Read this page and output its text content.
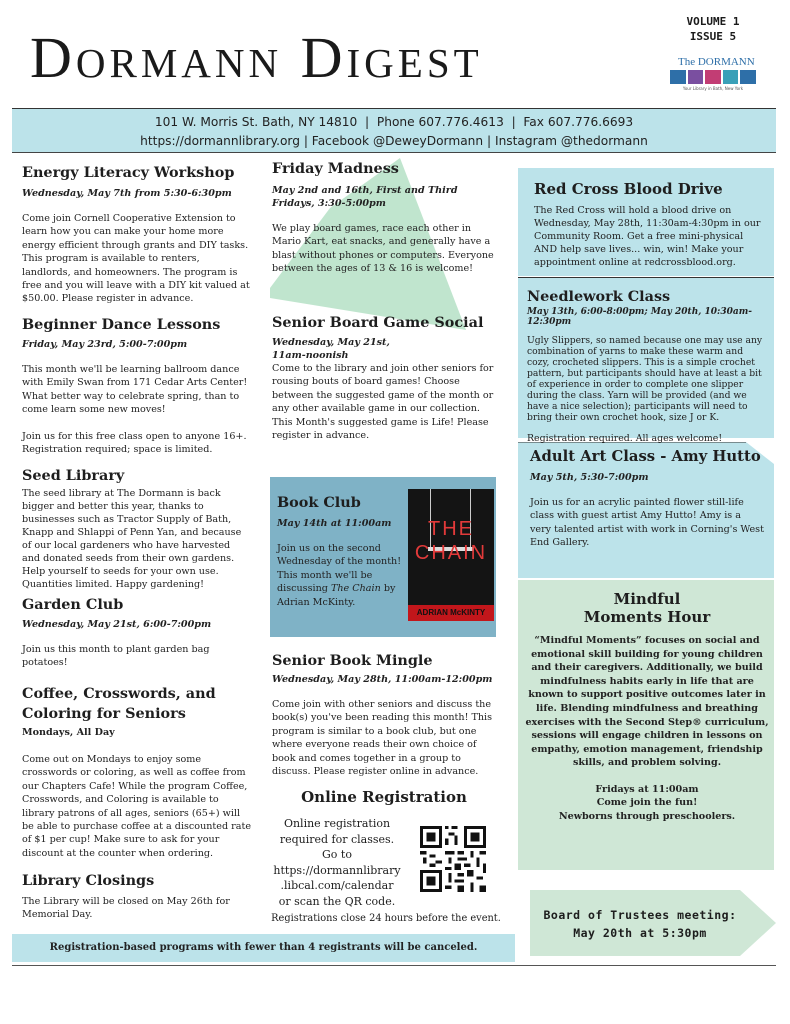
Dormann Digest
VOLUME 1
ISSUE 5
The DORMANN
Your Library in Bath, New York
101 W. Morris St. Bath, NY 14810  |  Phone 607.776.4613  |  Fax 607.776.6693
https://dormannlibrary.org | Facebook @DeweyDormann | Instagram @thedormann
Energy Literacy Workshop
Wednesday, May 7th from 5:30-6:30pm
Come join Cornell Cooperative Extension to learn how you can make your home more energy efficient through grants and DIY tasks. This program is available to renters, landlords, and homeowners. The program is free and you will leave with a DIY kit valued at $50.00. Please register in advance.
Beginner Dance Lessons
Friday, May 23rd, 5:00-7:00pm
This month we'll be learning ballroom dance with Emily Swan from 171 Cedar Arts Center! What better way to celebrate spring, than to come learn some new moves!
Join us for this free class open to anyone 16+. Registration required; space is limited.
Seed Library
The seed library at The Dormann is back bigger and better this year, thanks to businesses such as Tractor Supply of Bath, Knapp and Shlappi of Penn Yan, and because of our local gardeners who have harvested and donated seeds from their own gardens. Help yourself to seeds for your own use. Quantities limited. Happy gardening!
Garden Club
Wednesday, May 21st, 6:00-7:00pm
Join us this month to plant garden bag potatoes!
Coffee, Crosswords, and
Coloring for Seniors
Mondays, All Day
Come out on Mondays to enjoy some crosswords or coloring, as well as coffee from our Chapters Cafe! While the program Coffee, Crosswords, and Coloring is available to library patrons of all ages, seniors (65+) will be able to purchase coffee at a discounted rate of $1 per cup! Make sure to ask for your discount at the counter when ordering.
Library Closings
The Library will be closed on May 26th for Memorial Day.
Friday Madness
May 2nd and 16th, First and Third Fridays, 3:30-5:00pm
We play board games, race each other in Mario Kart, eat snacks, and generally have a blast without phones or computers. Everyone between the ages of 13 & 16 is welcome!
Senior Board Game Social
Wednesday, May 21st,
11am-noonish
Come to the library and join other seniors for rousing bouts of board games! Choose between the suggested game of the month or any other available game in our collection. This Month's suggested game is Life! Please register in advance.
Book Club
May 14th at 11:00am
Join us on the second Wednesday of the month! This month we'll be discussing The Chain by Adrian McKinty.
THE CHAIN
ADRIAN McKINTY
Senior Book Mingle
Wednesday, May 28th, 11:00am-12:00pm
Come join with other seniors and discuss the book(s) you've been reading this month! This program is similar to a book club, but one where everyone reads their own choice of book and comes together in a group to discuss. Please register online in advance.
Online Registration
Online registration
required for classes.
Go to
https://dormannlibrary
.libcal.com/calendar
or scan the QR code.
Registrations close 24 hours before the event.
Red Cross Blood Drive
The Red Cross will hold a blood drive on Wednesday, May 28th, 11:30am-4:30pm in our Community Room. Get a free mini-physical AND help save lives... win, win! Make your appointment online at redcrossblood.org.
Needlework Class
May 13th, 6:00-8:00pm; May 20th, 10:30am-12:30pm
Ugly Slippers, so named because one may use any combination of yarns to make these warm and cozy, crocheted slippers. This is a simple crochet pattern, but participants should have at least a bit of experience in order to complete one slipper during the class. Yarn will be provided (and we have a nice selection); participants will need to bring their own crochet hook, size J or K.
Registration required. All ages welcome!
Adult Art Class - Amy Hutto
May 5th, 5:30-7:00pm
Join us for an acrylic painted flower still-life class with guest artist Amy Hutto! Amy is a very talented artist with work in Corning's West End Gallery.
Mindful
Moments Hour
“Mindful Moments” focuses on social and emotional skill building for young children and their caregivers. Additionally, we build mindfulness habits early in life that are known to support positive outcomes later in life. Blending mindfulness and breathing exercises with the Second Step® curriculum, sessions will engage children in lessons on empathy, emotion management, friendship skills, and problem solving.
Fridays at 11:00am
Come join the fun!
Newborns through preschoolers.
Board of Trustees meeting:
May 20th at 5:30pm
Registration-based programs with fewer than 4 registrants will be canceled.
